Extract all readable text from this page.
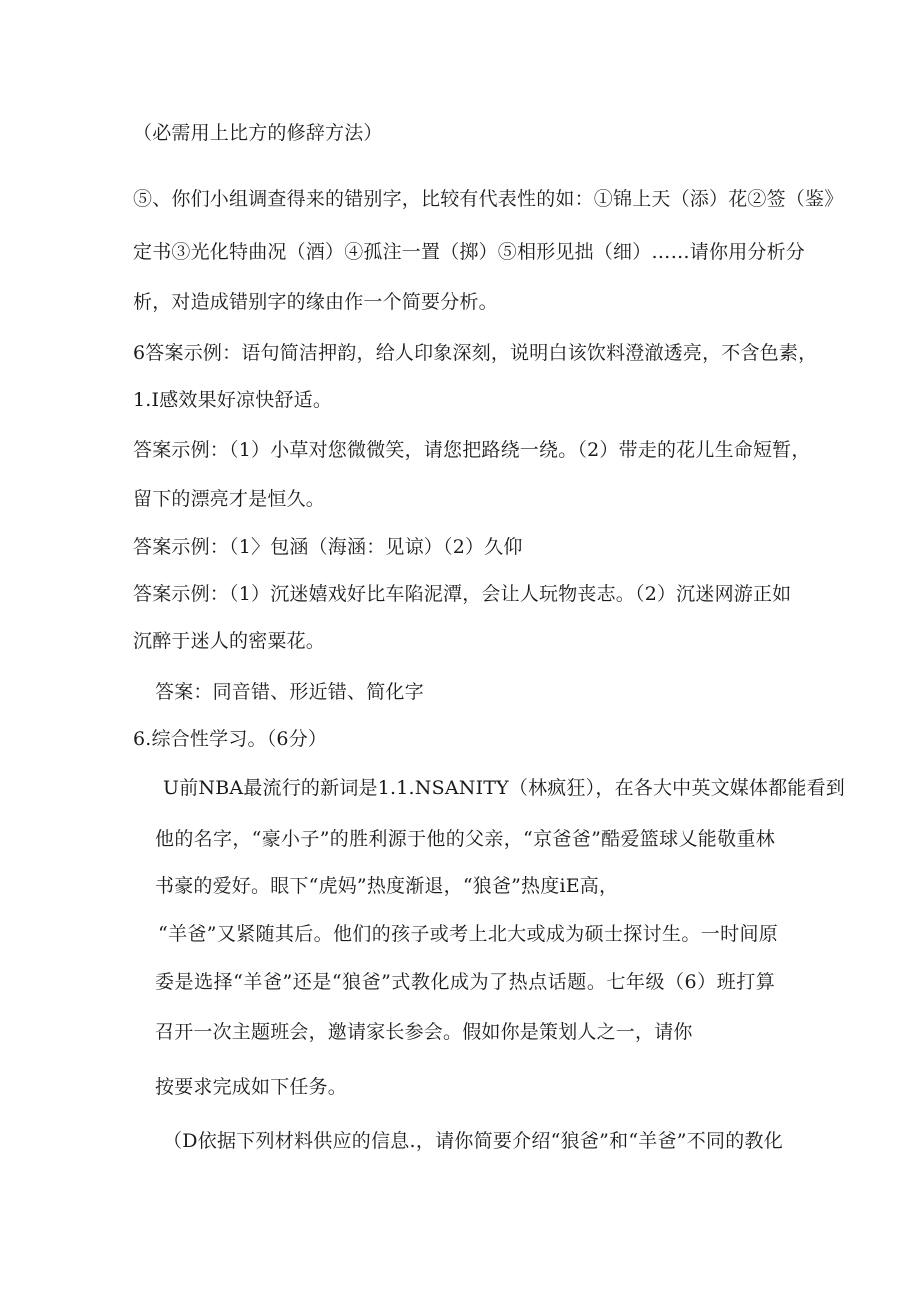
（必需用上比方的修辞方法）
⑤、你们小组调查得来的错别字，比较有代表性的如：①锦上天（添）花②签（鉴》
定书③光化特曲况（酒）④孤注一置（掷）⑤相形见拙（细）……请你用分析分
析，对造成错别字的缘由作一个简要分析。
6答案示例：语句简洁押韵，给人印象深刻，说明白该饮料澄澈透亮，不含色素，
1.I感效果好凉快舒适。
答案示例：（1）小草对您微微笑，请您把路绕一绕。（2）带走的花儿生命短暂，
留下的漂亮才是恒久。
答案示例：（1〉包涵（海涵：见谅）（2）久仰
答案示例：（1）沉迷嬉戏好比车陷泥潭，会让人玩物丧志。（2）沉迷网游正如
沉醉于迷人的密粟花。
答案：同音错、形近错、简化字
6.综合性学习。（6分）
U前NBA最流行的新词是1.1.NSANITY（林疯狂），在各大中英文媒体都能看到
他的名字，“豪小子”的胜利源于他的父亲，“京爸爸”酷爱篮球乂能敬重林
书豪的爱好。眼下“虎妈”热度渐退，“狼爸”热度iE高，
“羊爸”又紧随其后。他们的孩子或考上北大或成为硕士探讨生。一时间原
委是选择“羊爸”还是“狼爸”式教化成为了热点话题。七年级（6）班打算
召开一次主题班会，邀请家长参会。假如你是策划人之一，请你
按要求完成如下任务。
（D依据下列材料供应的信息.，请你简要介绍“狼爸”和“羊爸”不同的教化
